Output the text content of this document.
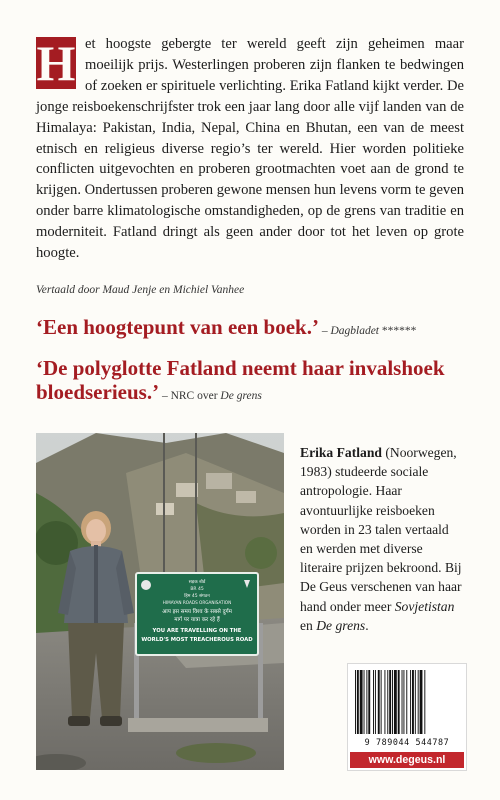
H et hoogste gebergte ter wereld geeft zijn geheimen maar moeilijk prijs. Westerlingen proberen zijn flanken te bedwingen of zoeken er spirituele verlichting. Erika Fatland kijkt verder. De jonge reisboekenschrijfster trok een jaar lang door alle vijf landen van de Himalaya: Pakistan, India, Nepal, China en Bhutan, een van de meest etnisch en religieus diverse regio’s ter wereld. Hier worden politieke conflicten uitgevochten en proberen grootmachten voet aan de grond te krijgen. Ondertussen proberen gewone mensen hun levens vorm te geven onder barre klimatologische omstandigheden, op de grens van traditie en moderniteit. Fatland dringt als geen ander door tot het leven op grote hoogte.

Vertaald door Maud Jenje en Michiel Vanhee

‘Een hoogtepunt van een boek.’ – Dagbladet ******

‘De polyglotte Fatland neemt haar invalshoek bloedserieus.’ – NRC over De grens

सड़क बोर्ड
BR 45
हिम 45 संगठन
HIMAYAN ROADS ORGANISATION
आप इस समय विश्व के सबसे दुर्गम
मार्ग पर यात्रा कर रहे हैं
YOU ARE TRAVELLING ON THE
WORLD'S MOST TREACHEROUS ROAD

Erika Fatland (Noorwegen, 1983) studeerde sociale antropologie. Haar avontuurlijke reisboeken worden in 23 talen vertaald en werden met diverse literaire prijzen bekroond. Bij De Geus verschenen van haar hand onder meer Sovjetistan en De grens.

9 789044 544787
www.degeus.nl
